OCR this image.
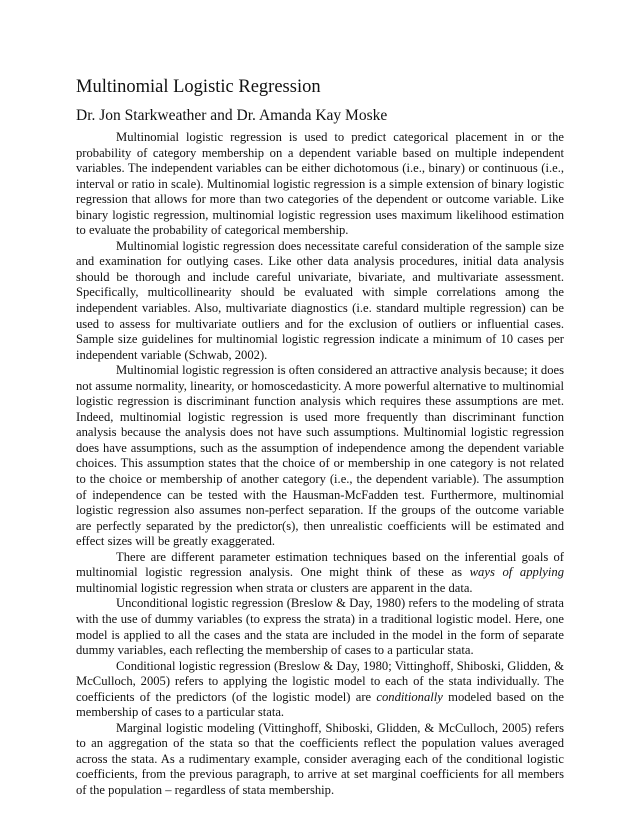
Multinomial Logistic Regression
Dr. Jon Starkweather and Dr. Amanda Kay Moske

Multinomial logistic regression is used to predict categorical placement in or the probability of category membership on a dependent variable based on multiple independent variables. The independent variables can be either dichotomous (i.e., binary) or continuous (i.e., interval or ratio in scale). Multinomial logistic regression is a simple extension of binary logistic regression that allows for more than two categories of the dependent or outcome variable. Like binary logistic regression, multinomial logistic regression uses maximum likelihood estimation to evaluate the probability of categorical membership.

Multinomial logistic regression does necessitate careful consideration of the sample size and examination for outlying cases. Like other data analysis procedures, initial data analysis should be thorough and include careful univariate, bivariate, and multivariate assessment. Specifically, multicollinearity should be evaluated with simple correlations among the independent variables. Also, multivariate diagnostics (i.e. standard multiple regression) can be used to assess for multivariate outliers and for the exclusion of outliers or influential cases. Sample size guidelines for multinomial logistic regression indicate a minimum of 10 cases per independent variable (Schwab, 2002).

Multinomial logistic regression is often considered an attractive analysis because; it does not assume normality, linearity, or homoscedasticity. A more powerful alternative to multinomial logistic regression is discriminant function analysis which requires these assumptions are met. Indeed, multinomial logistic regression is used more frequently than discriminant function analysis because the analysis does not have such assumptions. Multinomial logistic regression does have assumptions, such as the assumption of independence among the dependent variable choices. This assumption states that the choice of or membership in one category is not related to the choice or membership of another category (i.e., the dependent variable). The assumption of independence can be tested with the Hausman-McFadden test. Furthermore, multinomial logistic regression also assumes non-perfect separation. If the groups of the outcome variable are perfectly separated by the predictor(s), then unrealistic coefficients will be estimated and effect sizes will be greatly exaggerated.

There are different parameter estimation techniques based on the inferential goals of multinomial logistic regression analysis. One might think of these as ways of applying multinomial logistic regression when strata or clusters are apparent in the data.

Unconditional logistic regression (Breslow & Day, 1980) refers to the modeling of strata with the use of dummy variables (to express the strata) in a traditional logistic model. Here, one model is applied to all the cases and the stata are included in the model in the form of separate dummy variables, each reflecting the membership of cases to a particular stata.

Conditional logistic regression (Breslow & Day, 1980; Vittinghoff, Shiboski, Glidden, & McCulloch, 2005) refers to applying the logistic model to each of the stata individually. The coefficients of the predictors (of the logistic model) are conditionally modeled based on the membership of cases to a particular stata.

Marginal logistic modeling (Vittinghoff, Shiboski, Glidden, & McCulloch, 2005) refers to an aggregation of the stata so that the coefficients reflect the population values averaged across the stata. As a rudimentary example, consider averaging each of the conditional logistic coefficients, from the previous paragraph, to arrive at set marginal coefficients for all members of the population – regardless of stata membership.
